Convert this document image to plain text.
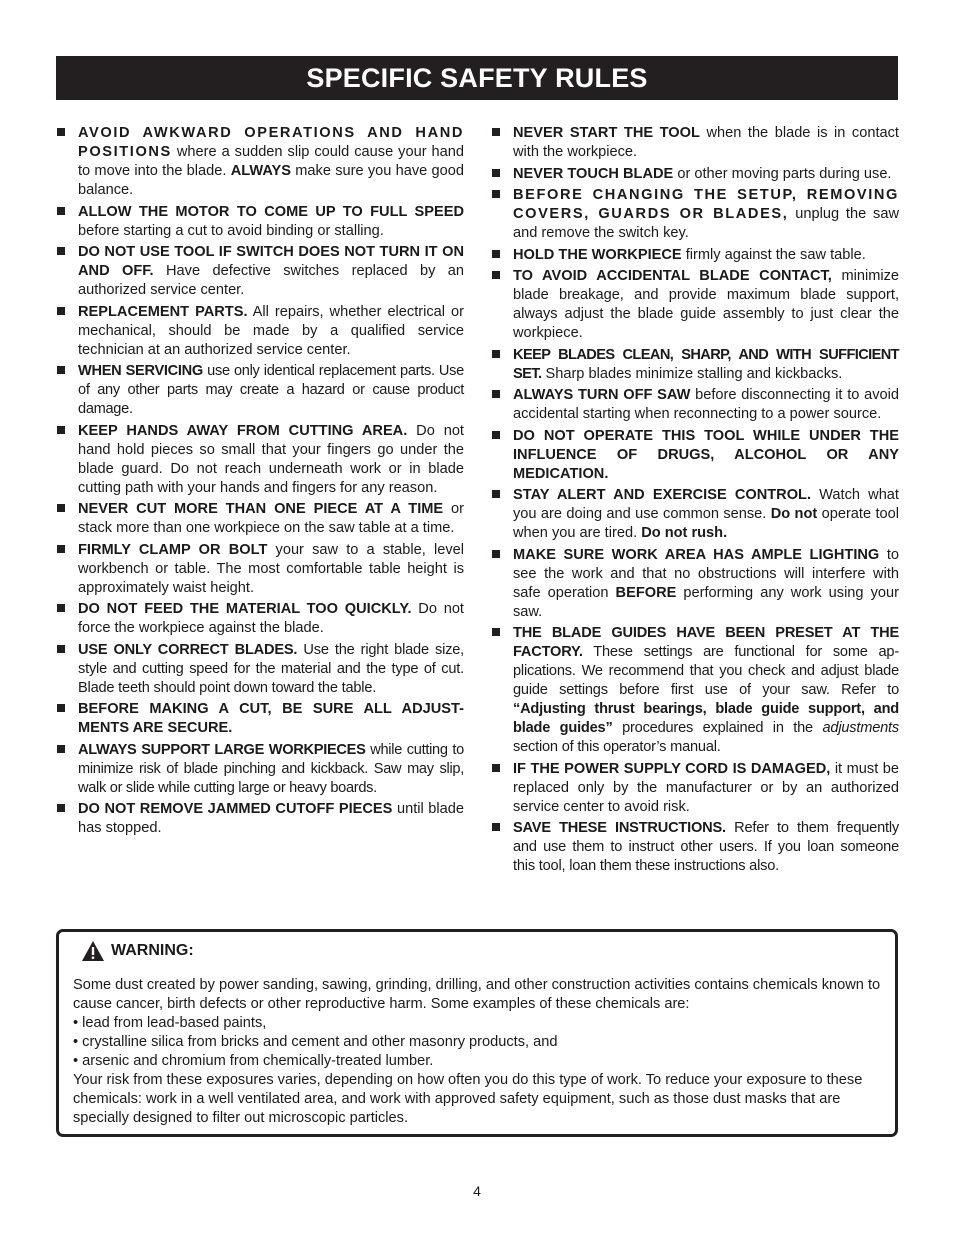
SPECIFIC SAFETY RULES
AVOID AWKWARD OPERATIONS AND HAND POSITIONS where a sudden slip could cause your hand to move into the blade. ALWAYS make sure you have good balance.
ALLOW THE MOTOR TO COME UP TO FULL SPEED before starting a cut to avoid binding or stalling.
DO NOT USE TOOL IF SWITCH DOES NOT TURN IT ON AND OFF. Have defective switches replaced by an authorized service center.
REPLACEMENT PARTS. All repairs, whether electrical or mechanical, should be made by a qualified service technician at an authorized service center.
WHEN SERVICING use only identical replacement parts. Use of any other parts may create a hazard or cause product damage.
KEEP HANDS AWAY FROM CUTTING AREA. Do not hand hold pieces so small that your fingers go under the blade guard. Do not reach underneath work or in blade cutting path with your hands and fingers for any reason.
NEVER CUT MORE THAN ONE PIECE AT A TIME or stack more than one workpiece on the saw table at a time.
FIRMLY CLAMP OR BOLT your saw to a stable, level workbench or table. The most comfortable table height is approximately waist height.
DO NOT FEED THE MATERIAL TOO QUICKLY. Do not force the workpiece against the blade.
USE ONLY CORRECT BLADES. Use the right blade size, style and cutting speed for the material and the type of cut. Blade teeth should point down toward the table.
BEFORE MAKING A CUT, BE SURE ALL ADJUST-MENTS ARE SECURE.
ALWAYS SUPPORT LARGE WORKPIECES while cutting to minimize risk of blade pinching and kickback. Saw may slip, walk or slide while cutting large or heavy boards.
DO NOT REMOVE JAMMED CUTOFF PIECES until blade has stopped.
NEVER START THE TOOL when the blade is in contact with the workpiece.
NEVER TOUCH BLADE or other moving parts during use.
BEFORE CHANGING THE SETUP, REMOVING COVERS, GUARDS OR BLADES, unplug the saw and remove the switch key.
HOLD THE WORKPIECE firmly against the saw table.
TO AVOID ACCIDENTAL BLADE CONTACT, minimize blade breakage, and provide maximum blade support, always adjust the blade guide assembly to just clear the workpiece.
KEEP BLADES CLEAN, SHARP, AND WITH SUFFICIENT SET. Sharp blades minimize stalling and kickbacks.
ALWAYS TURN OFF SAW before disconnecting it to avoid accidental starting when reconnecting to a power source.
DO NOT OPERATE THIS TOOL WHILE UNDER THE INFLUENCE OF DRUGS, ALCOHOL OR ANY MEDICATION.
STAY ALERT AND EXERCISE CONTROL. Watch what you are doing and use common sense. Do not operate tool when you are tired. Do not rush.
MAKE SURE WORK AREA HAS AMPLE LIGHTING to see the work and that no obstructions will interfere with safe operation BEFORE performing any work using your saw.
THE BLADE GUIDES HAVE BEEN PRESET AT THE FACTORY. These settings are functional for some ap-plications. We recommend that you check and adjust blade guide settings before first use of your saw. Refer to “Adjusting thrust bearings, blade guide support, and blade guides” procedures explained in the adjustments section of this operator’s manual.
IF THE POWER SUPPLY CORD IS DAMAGED, it must be replaced only by the manufacturer or by an authorized service center to avoid risk.
SAVE THESE INSTRUCTIONS. Refer to them frequently and use them to instruct other users. If you loan someone this tool, loan them these instructions also.
WARNING:

Some dust created by power sanding, sawing, grinding, drilling, and other construction activities contains chemicals known to cause cancer, birth defects or other reproductive harm. Some examples of these chemicals are:

• lead from lead-based paints,

• crystalline silica from bricks and cement and other masonry products, and

• arsenic and chromium from chemically-treated lumber.

Your risk from these exposures varies, depending on how often you do this type of work. To reduce your exposure to these chemicals: work in a well ventilated area, and work with approved safety equipment, such as those dust masks that are specially designed to filter out microscopic particles.

4
